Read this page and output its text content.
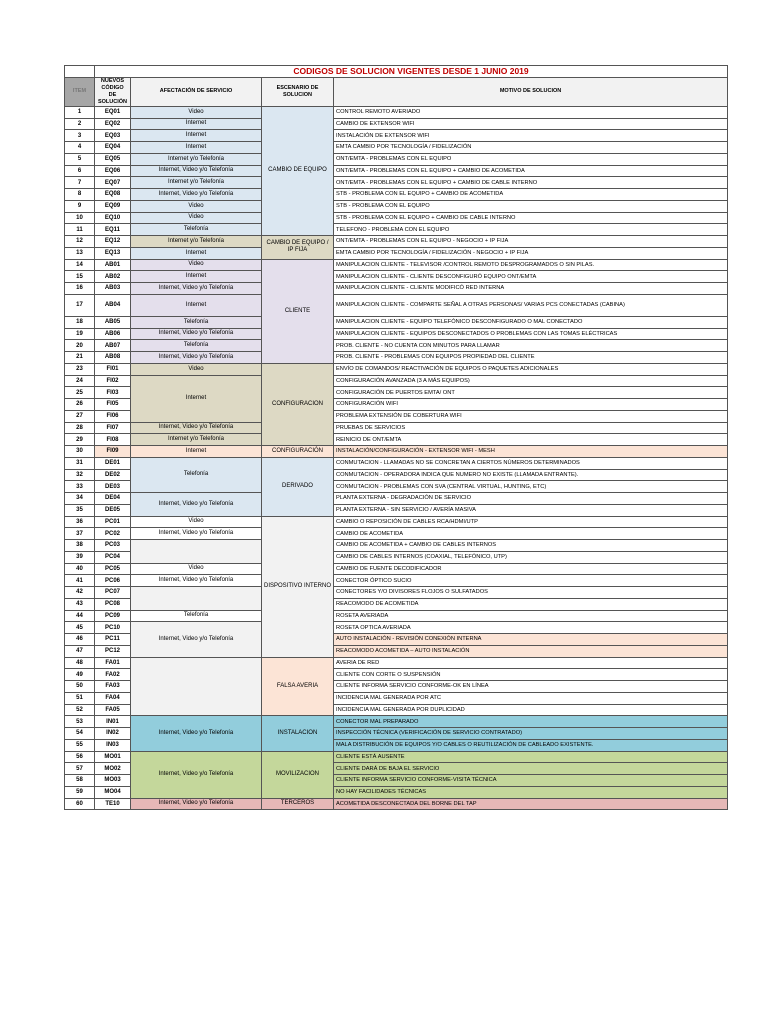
	CODIGOS DE SOLUCION VIGENTES DESDE 1 JUNIO 2019			
ITEM	NUEVOS CÓDIGO DE SOLUCIÓN	AFECTACIÓN DE SERVICIO	ESCENARIO DE SOLUCION	MOTIVO DE SOLUCION
1	EQ01	Video	CAMBIO DE EQUIPO	CONTROL REMOTO AVERIADO
2	EQ02	Internet		CAMBIO DE EXTENSOR WIFI
3	EQ03	Internet		INSTALACIÓN DE EXTENSOR WIFI
4	EQ04	Internet		EMTA CAMBIO POR TECNOLOGÍA / FIDELIZACIÓN
5	EQ05	Internet y/o Telefonía		ONT/EMTA - PROBLEMAS CON EL EQUIPO
6	EQ06	Internet, Video y/o Telefonía		ONT/EMTA - PROBLEMAS CON EL EQUIPO + CAMBIO DE ACOMETIDA
7	EQ07	Internet y/o Telefonía		ONT/EMTA - PROBLEMAS CON EL EQUIPO + CAMBIO DE CABLE INTERNO
8	EQ08	Internet, Video y/o Telefonía		STB - PROBLEMA CON EL EQUIPO + CAMBIO DE ACOMETIDA
9	EQ09	Video		STB - PROBLEMA CON EL EQUIPO
10	EQ10	Video		STB - PROBLEMA CON EL EQUIPO + CAMBIO DE CABLE INTERNO
11	EQ11	Telefonía		TELEFONO - PROBLEMA CON EL EQUIPO
12	EQ12	Internet y/o Telefonía	CAMBIO DE EQUIPO / IP FIJA	ONT/EMTA - PROBLEMAS CON EL EQUIPO - NEGOCIO + IP FIJA
13	EQ13	Internet		EMTA CAMBIO POR TECNOLOGÍA / FIDELIZACIÓN - NEGOCIO + IP FIJA
14	AB01	Video	CLIENTE	MANIPULACION CLIENTE - TELEVISOR /CONTROL REMOTO DESPROGRAMADOS O SIN PILAS.
15	AB02	Internet		MANIPULACION CLIENTE - CLIENTE DESCONFIGURÓ EQUIPO ONT/EMTA
16	AB03	Internet, Video y/o Telefonía		MANIPULACION CLIENTE - CLIENTE MODIFICÓ RED INTERNA
17	AB04	Internet		MANIPULACION CLIENTE - COMPARTE SEÑAL A OTRAS PERSONAS/ VARIAS PCS CONECTADAS (CABINA)
18	AB05	Telefonía		MANIPULACION CLIENTE - EQUIPO TELEFÓNICO DESCONFIGURADO O MAL CONECTADO
19	AB06	Internet, Video y/o Telefonía		MANIPULACION CLIENTE - EQUIPOS DESCONECTADOS O PROBLEMAS CON LAS TOMAS ELÉCTRICAS
20	AB07	Telefonía		PROB. CLIENTE - NO CUENTA CON MINUTOS PARA LLAMAR
21	AB08	Internet, Video y/o Telefonía		PROB. CLIENTE - PROBLEMAS CON EQUIPOS PROPIEDAD DEL CLIENTE
23	FI01	Video	CONFIGURACION	ENVÍO DE COMANDOS/ REACTIVACIÓN DE EQUIPOS O PAQUETES ADICIONALES
24	FI02	Internet		CONFIGURACIÓN AVANZADA (3 A MÁS EQUIPOS)
25	FI03			CONFIGURACIÓN DE PUERTOS EMTA/ ONT
26	FI05			CONFIGURACIÓN WIFI
27	FI06			PROBLEMA EXTENSIÓN DE COBERTURA WIFI
28	FI07	Internet, Video y/o Telefonía		PRUEBAS DE SERVICIOS
29	FI08	Internet y/o Telefonía		REINICIO DE ONT/EMTA
30	FI09	Internet	CONFIGURACIÓN	INSTALACIÓN/CONFIGURACIÓN - EXTENSOR WIFI - MESH
31	DE01	Telefonía	DERIVADO	CONMUTACION - LLAMADAS NO SE CONCRETAN A CIERTOS NÚMEROS DETERMINADOS
32	DE02			CONMUTACION - OPERADORA INDICA QUE NUMERO NO EXISTE (LLAMADA ENTRANTE).
33	DE03			CONMUTACION - PROBLEMAS CON SVA (CENTRAL VIRTUAL, HUNTING, ETC)
34	DE04	Internet, Video y/o Telefonía		PLANTA EXTERNA - DEGRADACIÓN DE SERVICIO
35	DE05			PLANTA EXTERNA - SIN SERVICIO / AVERÍA MASIVA
36	PC01	Video	DISPOSITIVO INTERNO	CAMBIO O REPOSICIÓN DE CABLES RCA/HDMI/UTP
37	PC02	Internet, Video y/o Telefonía		CAMBIO DE ACOMETIDA
38	PC03			CAMBIO DE ACOMETIDA + CAMBIO DE CABLES INTERNOS
39	PC04			CAMBIO DE CABLES INTERNOS (COAXIAL, TELEFÓNICO, UTP)
40	PC05	Video		CAMBIO DE FUENTE DECODIFICADOR
41	PC06	Internet, Video y/o Telefonía		CONECTOR ÓPTICO SUCIO
42	PC07			CONECTORES Y/O DIVISORES FLOJOS O SULFATADOS
43	PC08			REACOMODO DE ACOMETIDA
44	PC09	Telefonía		ROSETA AVERIADA
45	PC10	Internet, Video y/o Telefonía		ROSETA OPTICA AVERIADA
46	PC11			AUTO INSTALACIÓN - REVISIÓN CONEXIÓN INTERNA
47	PC12			REACOMODO ACOMETIDA – AUTO INSTALACIÓN
48	FA01		FALSA AVERIA	AVERIA DE RED
49	FA02			CLIENTE CON CORTE O SUSPENSIÓN
50	FA03			CLIENTE INFORMA SERVICIO CONFORME-OK EN LÍNEA
51	FA04			INCIDENCIA MAL GENERADA POR ATC
52	FA05			INCIDENCIA MAL GENERADA POR DUPLICIDAD
53	IN01	Internet, Video y/o Telefonía	INSTALACION	CONECTOR MAL PREPARADO
54	IN02			INSPECCIÓN TÉCNICA (VERIFICACIÓN DE SERVICIO CONTRATADO)
55	IN03			MALA DISTRIBUCIÓN DE EQUIPOS Y/O CABLES O REUTILIZACIÓN DE CABLEADO EXISTENTE.
56	MO01	Internet, Video y/o Telefonía	MOVILIZACION	CLIENTE ESTÁ AUSENTE
57	MO02			CLIENTE DARÁ DE BAJA EL SERVICIO
58	MO03			CLIENTE INFORMA SERVICIO CONFORME-VISITA TÉCNICA
59	MO04			NO HAY FACILIDADES TÉCNICAS
60	TE10	Internet, Video y/o Telefonía	TERCEROS	ACOMETIDA DESCONECTADA DEL BORNE DEL TAP
